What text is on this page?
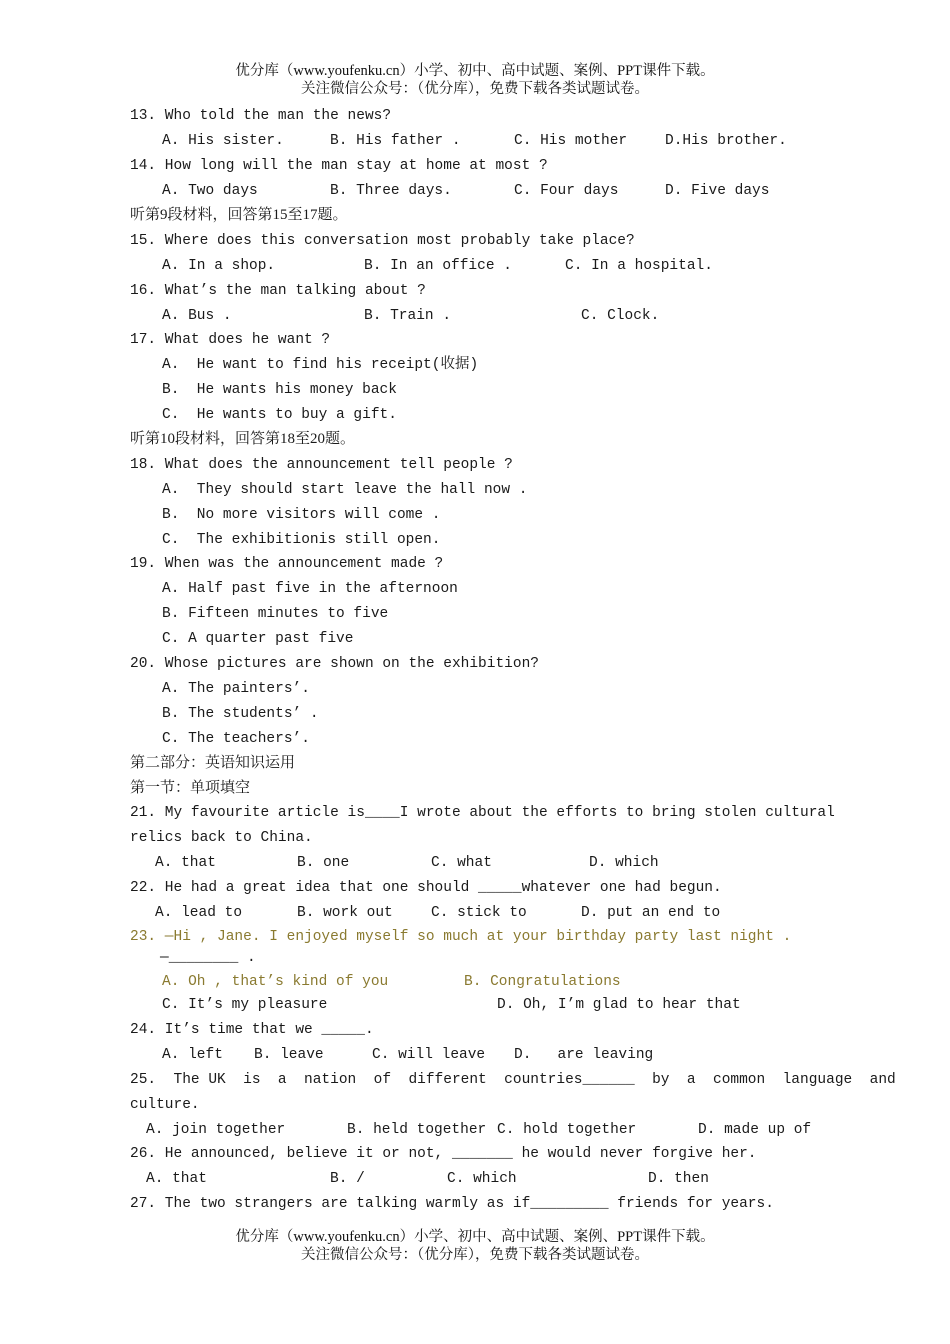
优分库（www.youfenku.cn）小学、初中、高中试题、案例、PPT课件下载。
关注微信公众号：（优分库），免费下载各类试题试卷。
13. Who told the man the news?
A. His sister.	B. His father .	C. His mother	D.His brother.
14. How long will the man stay at home at most ?
A. Two days	B. Three days.	C. Four days	D. Five days
听第9段材料，回答第15至17题。
15. Where does this conversation most probably take place?
A. In a shop.	B. In an office .	C. In a hospital.
16. What’s the man talking about ?
A. Bus .	B. Train .	C. Clock.
17. What does he want ?
A.  He want to find his receipt(收据)
B.  He wants his money back
C.  He wants to buy a gift.
听第10段材料，回答第18至20题。
18. What does the announcement tell people ?
A.  They should start leave the hall now .
B.  No more visitors will come .
C.  The exhibitionis still open.
19. When was the announcement made ?
A. Half past five in the afternoon
B. Fifteen minutes to five
C. A quarter past five
20. Whose pictures are shown on the exhibition?
A. The painters’.
B. The students’ .
C. The teachers’.
第二部分：英语知识运用
第一节：单项填空
21. My favourite article is____I wrote about the efforts to bring stolen cultural
relics back to China.
A. that	B. one	C. what	D. which
22. He had a great idea that one should _____whatever one had begun.
A. lead to	B. work out	C. stick to	D. put an end to
23. —Hi , Jane. I enjoyed myself so much at your birthday party last night .
—________ .
A. Oh , that’s kind of you	B. Congratulations
C. It’s my pleasure	D. Oh, I’m glad to hear that
24. It’s time that we _____.
A. left B. leave	C. will leave D.   are leaving
25.  The UK  is  a  nation  of  different  countries______  by  a  common  language  and
culture.
A. join together	B. held together C. hold together	D. made up of
26. He announced, believe it or not, _______ he would never forgive her.
A. that	B. /	C. which	D. then
27. The two strangers are talking warmly as if_________ friends for years.
优分库（www.youfenku.cn）小学、初中、高中试题、案例、PPT课件下载。
关注微信公众号：（优分库），免费下载各类试题试卷。
